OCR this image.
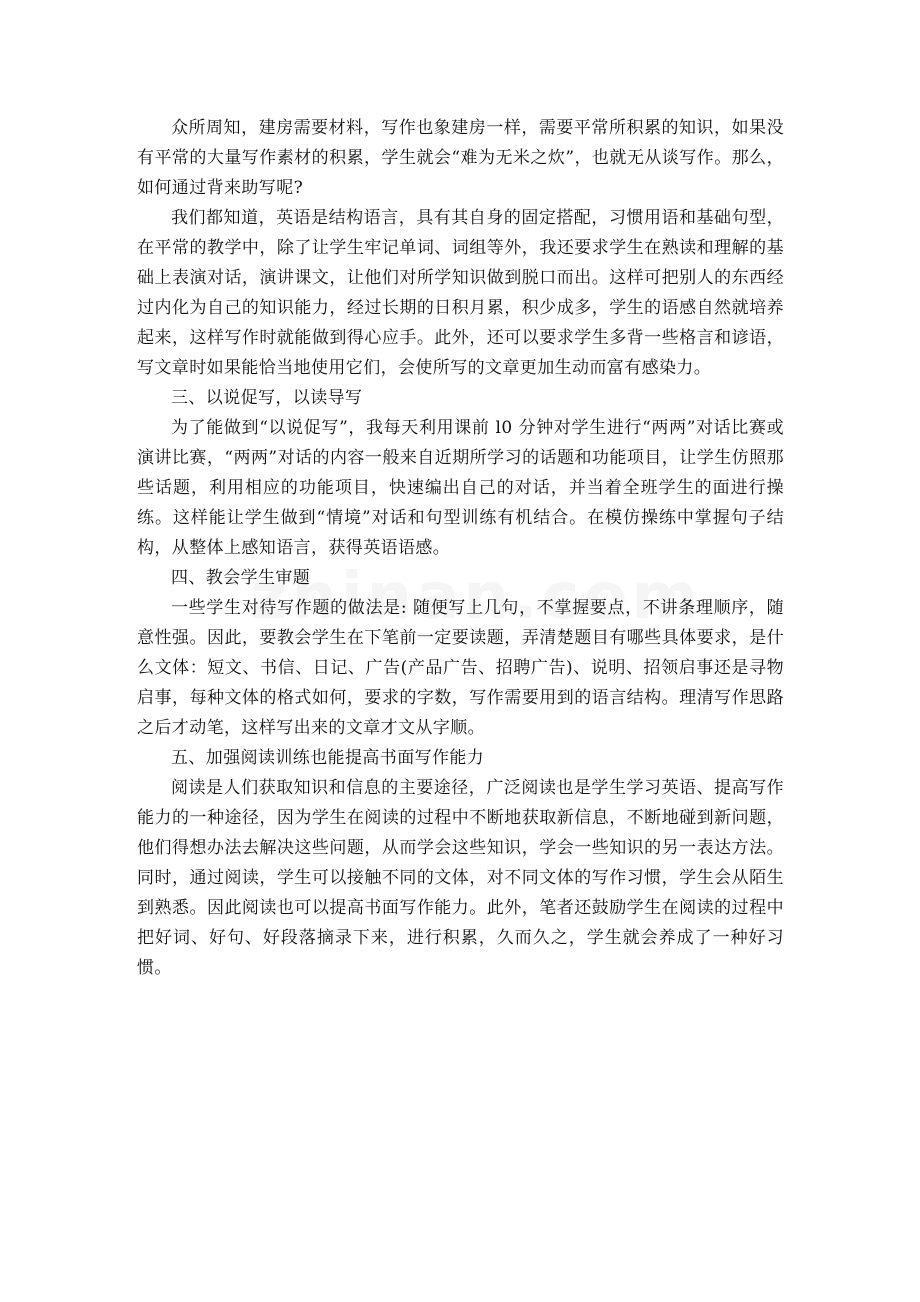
众所周知，建房需要材料，写作也象建房一样，需要平常所积累的知识，如果没有平常的大量写作素材的积累，学生就会“难为无米之炊”，也就无从谈写作。那么，如何通过背来助写呢?

我们都知道，英语是结构语言，具有其自身的固定搭配，习惯用语和基础句型，在平常的教学中，除了让学生牢记单词、词组等外，我还要求学生在熟读和理解的基础上表演对话，演讲课文，让他们对所学知识做到脱口而出。这样可把别人的东西经过内化为自己的知识能力，经过长期的日积月累，积少成多，学生的语感自然就培养起来，这样写作时就能做到得心应手。此外，还可以要求学生多背一些格言和谚语，写文章时如果能恰当地使用它们，会使所写的文章更加生动而富有感染力。

三、以说促写，以读导写

为了能做到“以说促写”，我每天利用课前 l0 分钟对学生进行“两两”对话比赛或演讲比赛，“两两”对话的内容一般来自近期所学习的话题和功能项目，让学生仿照那些话题，利用相应的功能项目，快速编出自己的对话，并当着全班学生的面进行操练。这样能让学生做到“情境”对话和句型训练有机结合。在模仿操练中掌握句子结构，从整体上感知语言，获得英语语感。

四、教会学生审题

一些学生对待写作题的做法是: 随便写上几句，不掌握要点，不讲条理顺序，随意性强。因此，要教会学生在下笔前一定要读题，弄清楚题目有哪些具体要求，是什么文体：短文、书信、日记、广告(产品广告、招聘广告)、说明、招领启事还是寻物启事，每种文体的格式如何，要求的字数，写作需要用到的语言结构。理清写作思路之后才动笔，这样写出来的文章才文从字顺。

五、加强阅读训练也能提高书面写作能力

阅读是人们获取知识和信息的主要途径，广泛阅读也是学生学习英语、提高写作能力的一种途径，因为学生在阅读的过程中不断地获取新信息，不断地碰到新问题，他们得想办法去解决这些问题，从而学会这些知识，学会一些知识的另一表达方法。同时，通过阅读，学生可以接触不同的文体，对不同文体的写作习惯，学生会从陌生到熟悉。因此阅读也可以提高书面写作能力。此外，笔者还鼓励学生在阅读的过程中把好词、好句、好段落摘录下来，进行积累，久而久之，学生就会养成了一种好习惯。
